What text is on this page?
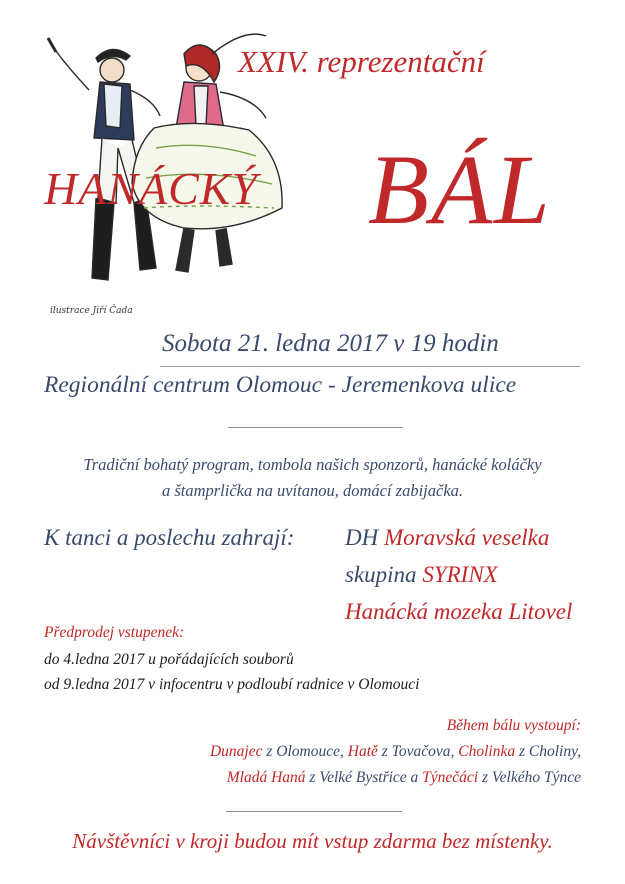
XXIV. reprezentační
HANÁCKÝ BÁL
ilustrace Jiří Čada
Sobota 21. ledna 2017 v 19 hodin
Regionální centrum Olomouc - Jeremenkova ulice
Tradiční bohatý program, tombola našich sponzorů, hanácké koláčky
a štamprlička na uvítanou, domácí zabijačka.
K tanci a poslechu zahrají: DH Moravská veselka
skupina SYRINX
Hanácká mozeka Litovel
Předprodej vstupenek:
do 4.ledna 2017 u pořádajících souborů
od 9.ledna 2017 v infocentru v podloubí radnice v Olomouci
Během bálu vystoupí:
Dunajec z Olomouce, Hatě z Tovačova, Cholinka z Choliny,
Mladá Haná z Velké Bystřice a Týnečáci z Velkého Týnce
Návštěvníci v kroji budou mít vstup zdarma bez místenky.
